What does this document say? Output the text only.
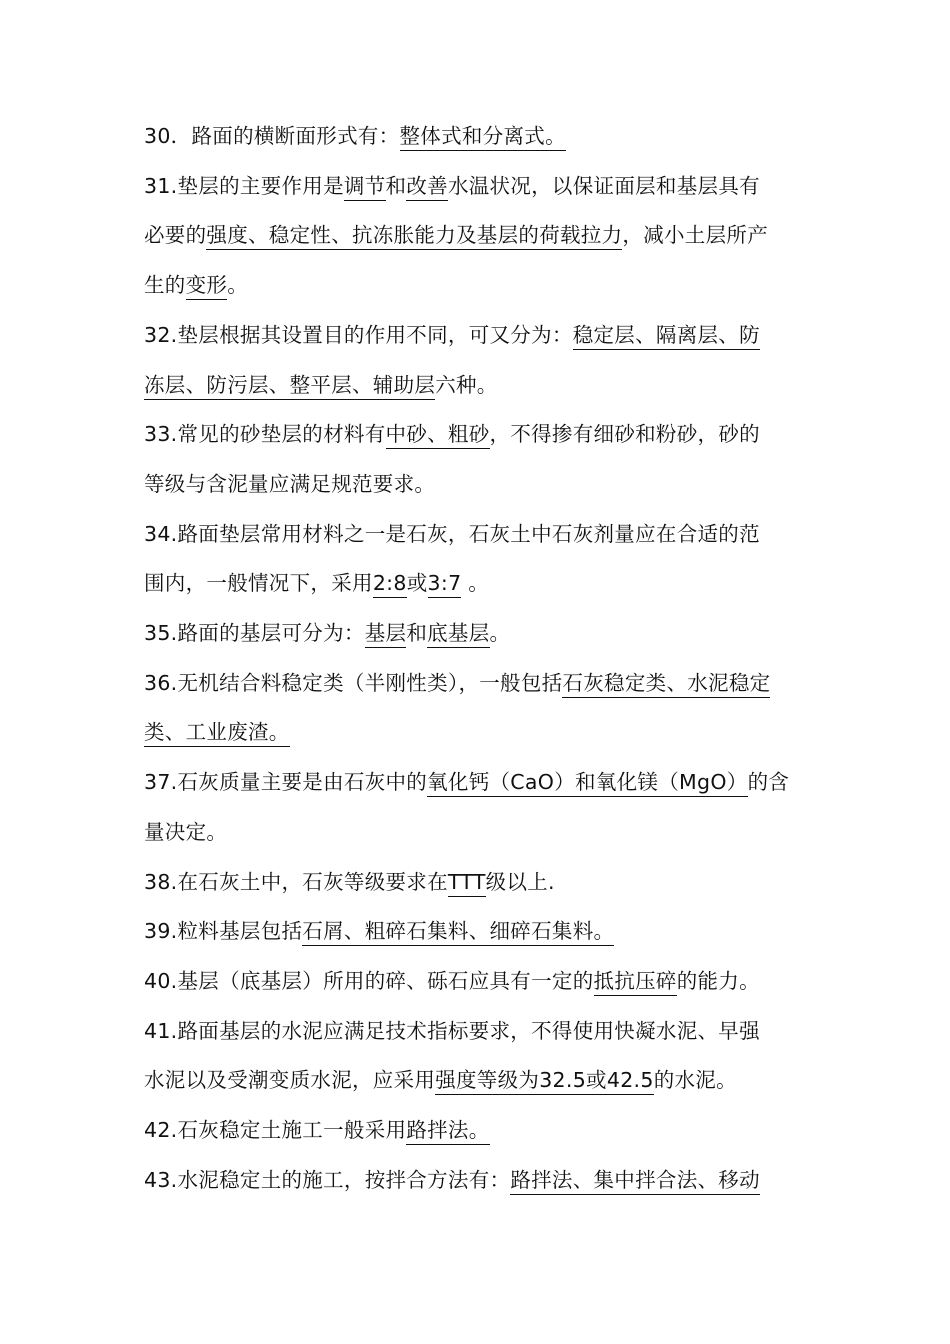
30．路面的横断面形式有：整体式和分离式。
31.垫层的主要作用是调节和改善水温状况，以保证面层和基层具有
必要的强度、稳定性、抗冻胀能力及基层的荷载拉力，减小土层所产
生的变形。
32.垫层根据其设置目的作用不同，可又分为：稳定层、隔离层、防
冻层、防污层、整平层、辅助层六种。
33.常见的砂垫层的材料有中砂、粗砂，不得掺有细砂和粉砂，砂的
等级与含泥量应满足规范要求。
34.路面垫层常用材料之一是石灰，石灰土中石灰剂量应在合适的范
围内，一般情况下，采用2:8或3:7 。
35.路面的基层可分为：基层和底基层。
36.无机结合料稳定类（半刚性类），一般包括石灰稳定类、水泥稳定
类、工业废渣。
37.石灰质量主要是由石灰中的氧化钙（CaO）和氧化镁（MgO）的含
量决定。
38.在石灰土中，石灰等级要求在TTT级以上.
39.粒料基层包括石屑、粗碎石集料、细碎石集料。
40.基层（底基层）所用的碎、砾石应具有一定的抵抗压碎的能力。
41.路面基层的水泥应满足技术指标要求，不得使用快凝水泥、早强
水泥以及受潮变质水泥，应采用强度等级为32.5或42.5的水泥。
42.石灰稳定土施工一般采用路拌法。
43.水泥稳定土的施工，按拌合方法有：路拌法、集中拌合法、移动
